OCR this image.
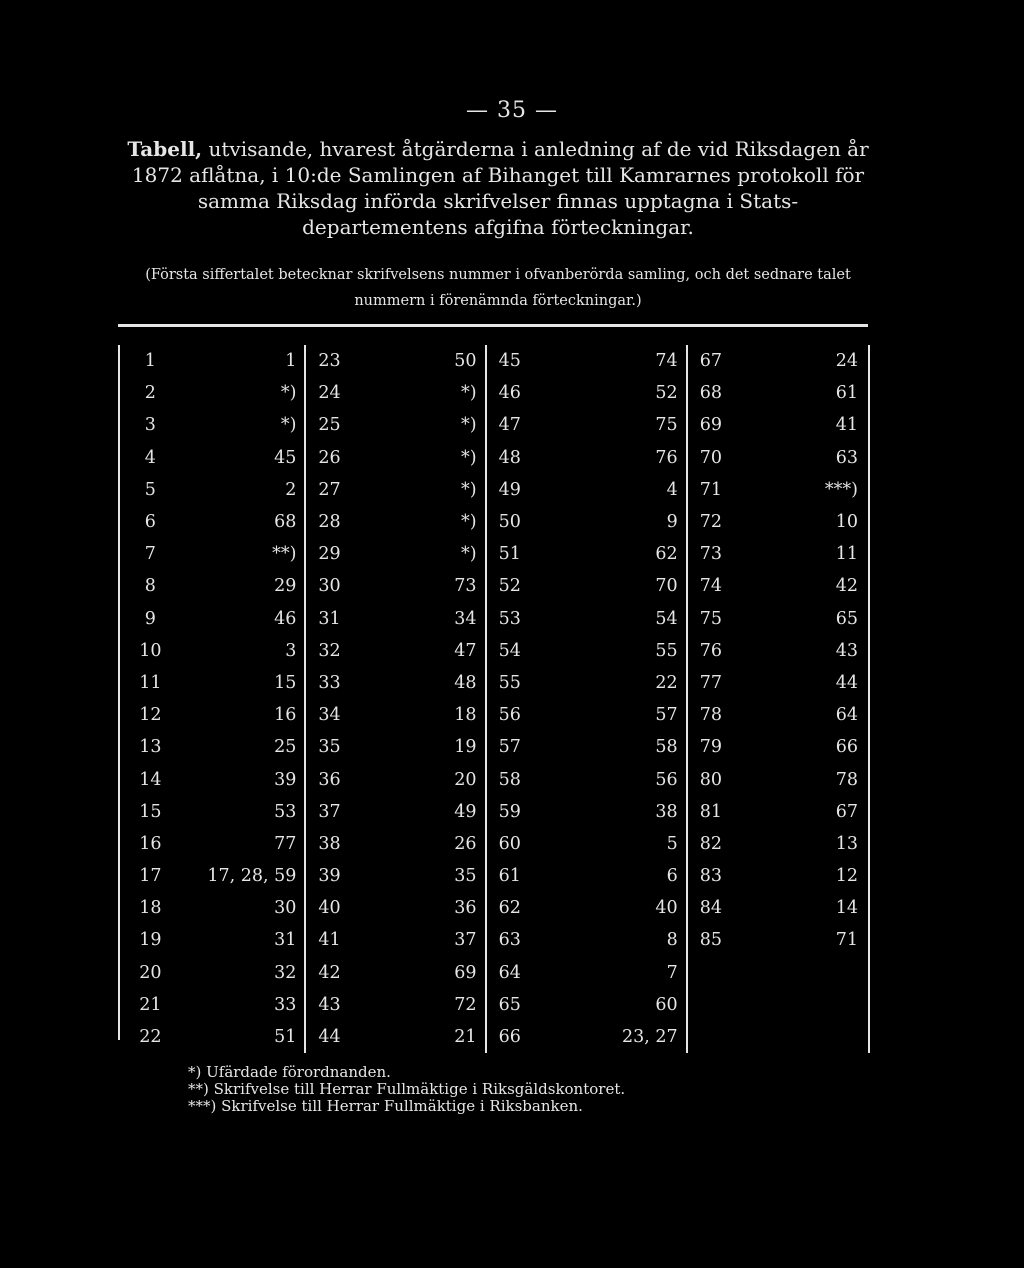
— 35 —
Tabell, utvisande, hvarest åtgärderna i anledning af de vid Riksdagen år 1872 aflåtna, i 10:de Samlingen af Bihanget till Kamrarnes protokoll för samma Riksdag införda skrifvelser finnas upptagna i Stats-departementens afgifna förteckningar.
(Första siffertalet betecknar skrifvelsens nummer i ofvanberörda samling, och det sednare talet nummern i förenämnda förteckningar.)
1	1	23	50	45	74	67	24
2	*)	24	*)	46	52	68	61
3	*)	25	*)	47	75	69	41
4	45	26	*)	48	76	70	63
5	2	27	*)	49	4	71	***)
6	68	28	*)	50	9	72	10
7	**)	29	*)	51	62	73	11
8	29	30	73	52	70	74	42
9	46	31	34	53	54	75	65
10	3	32	47	54	55	76	43
11	15	33	48	55	22	77	44
12	16	34	18	56	57	78	64
13	25	35	19	57	58	79	66
14	39	36	20	58	56	80	78
15	53	37	49	59	38	81	67
16	77	38	26	60	5	82	13
17	17, 28, 59	39	35	61	6	83	12
18	30	40	36	62	40	84	14
19	31	41	37	63	8	85	71
20	32	42	69	64	7		
21	33	43	72	65	60		
22	51	44	21	66	23, 27		
*) Ufärdade förordnanden.
**) Skrifvelse till Herrar Fullmäktige i Riksgäldskontoret.
***) Skrifvelse till Herrar Fullmäktige i Riksbanken.
